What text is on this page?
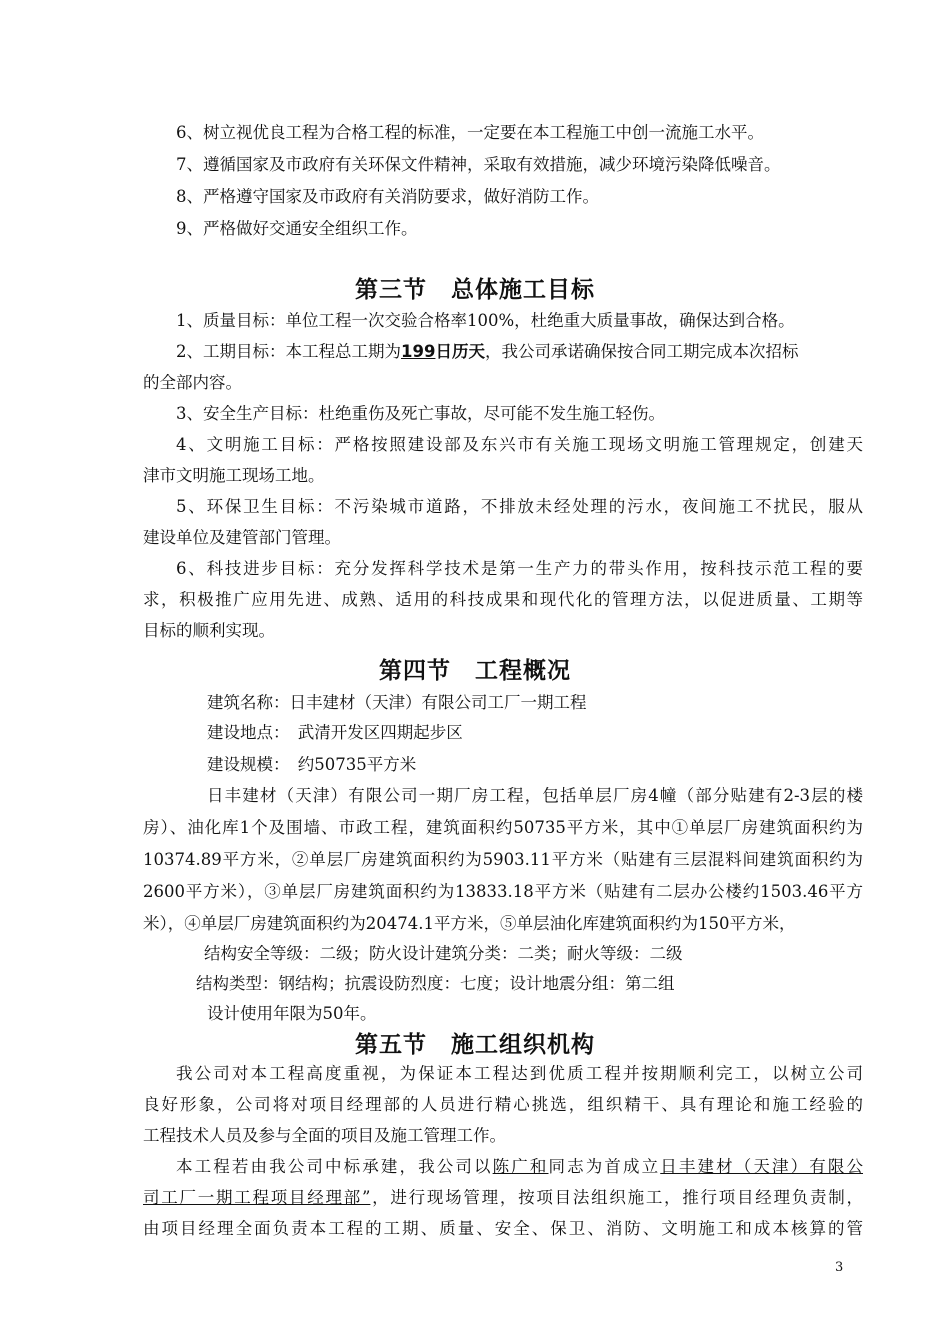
6、树立视优良工程为合格工程的标准，一定要在本工程施工中创一流施工水平。
7、遵循国家及市政府有关环保文件精神，采取有效措施，减少环境污染降低噪音。
8、严格遵守国家及市政府有关消防要求，做好消防工作。
9、严格做好交通安全组织工作。
第三节　总体施工目标
1、质量目标：单位工程一次交验合格率100%，杜绝重大质量事故，确保达到合格。
2、工期目标：本工程总工期为199日历天，我公司承诺确保按合同工期完成本次招标
的全部内容。
3、安全生产目标：杜绝重伤及死亡事故，尽可能不发生施工轻伤。
4、文明施工目标：严格按照建设部及东兴市有关施工现场文明施工管理规定，创建天
津市文明施工现场工地。
5、环保卫生目标：不污染城市道路，不排放未经处理的污水，夜间施工不扰民，服从
建设单位及建管部门管理。
6、科技进步目标：充分发挥科学技术是第一生产力的带头作用，按科技示范工程的要
求，积极推广应用先进、成熟、适用的科技成果和现代化的管理方法，以促进质量、工期等
目标的顺利实现。
第四节　工程概况
建筑名称：日丰建材（天津）有限公司工厂一期工程
建设地点：　武清开发区四期起步区
建设规模：　约50735平方米
日丰建材（天津）有限公司一期厂房工程，包括单层厂房4幢（部分贴建有2-3层的楼
房）、油化库1个及围墙、市政工程，建筑面积约50735平方米，其中①单层厂房建筑面积约为
10374.89平方米，②单层厂房建筑面积约为5903.11平方米（贴建有三层混料间建筑面积约为
2600平方米），③单层厂房建筑面积约为13833.18平方米（贴建有二层办公楼约1503.46平方
米），④单层厂房建筑面积约为20474.1平方米，⑤单层油化库建筑面积约为150平方米，
结构安全等级：二级；防火设计建筑分类：二类；耐火等级：二级
结构类型：钢结构；抗震设防烈度：七度；设计地震分组：第二组
设计使用年限为50年。
第五节　施工组织机构
我公司对本工程高度重视，为保证本工程达到优质工程并按期顺利完工，以树立公司
良好形象，公司将对项目经理部的人员进行精心挑选，组织精干、具有理论和施工经验的
工程技术人员及参与全面的项目及施工管理工作。
本工程若由我公司中标承建，我公司以陈广和同志为首成立日丰建材（天津）有限公
司工厂一期工程项目经理部”，进行现场管理，按项目法组织施工，推行项目经理负责制，
由项目经理全面负责本工程的工期、质量、安全、保卫、消防、文明施工和成本核算的管
3
